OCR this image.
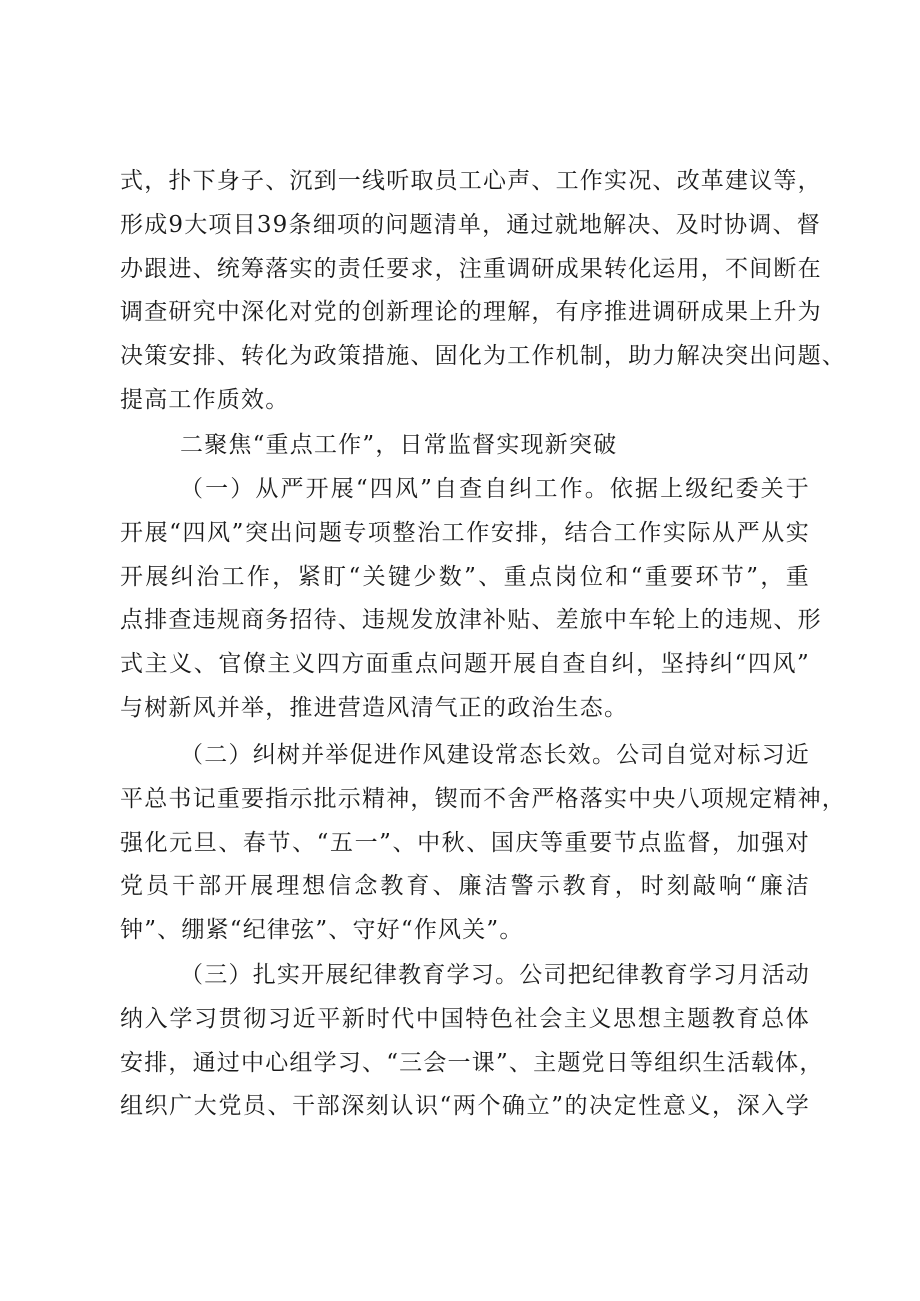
式，扑下身子、沉到一线听取员工心声、工作实况、改革建议等，
形成9大项目39条细项的问题清单，通过就地解决、及时协调、督
办跟进、统筹落实的责任要求，注重调研成果转化运用，不间断在
调查研究中深化对党的创新理论的理解，有序推进调研成果上升为
决策安排、转化为政策措施、固化为工作机制，助力解决突出问题、
提高工作质效。

二聚焦“重点工作”，日常监督实现新突破

（一）从严开展“四风”自查自纠工作。依据上级纪委关于
开展“四风”突出问题专项整治工作安排，结合工作实际从严从实
开展纠治工作，紧盯“关键少数”、重点岗位和“重要环节”，重
点排查违规商务招待、违规发放津补贴、差旅中车轮上的违规、形
式主义、官僚主义四方面重点问题开展自查自纠，坚持纠“四风”
与树新风并举，推进营造风清气正的政治生态。
（二）纠树并举促进作风建设常态长效。公司自觉对标习近
平总书记重要指示批示精神，锲而不舍严格落实中央八项规定精神，
强化元旦、春节、“五一”、中秋、国庆等重要节点监督，加强对
党员干部开展理想信念教育、廉洁警示教育，时刻敲响“廉洁
钟”、绷紧“纪律弦”、守好“作风关”。
（三）扎实开展纪律教育学习。公司把纪律教育学习月活动
纳入学习贯彻习近平新时代中国特色社会主义思想主题教育总体
安排，通过中心组学习、“三会一课”、主题党日等组织生活载体，
组织广大党员、干部深刻认识“两个确立”的决定性意义，深入学
